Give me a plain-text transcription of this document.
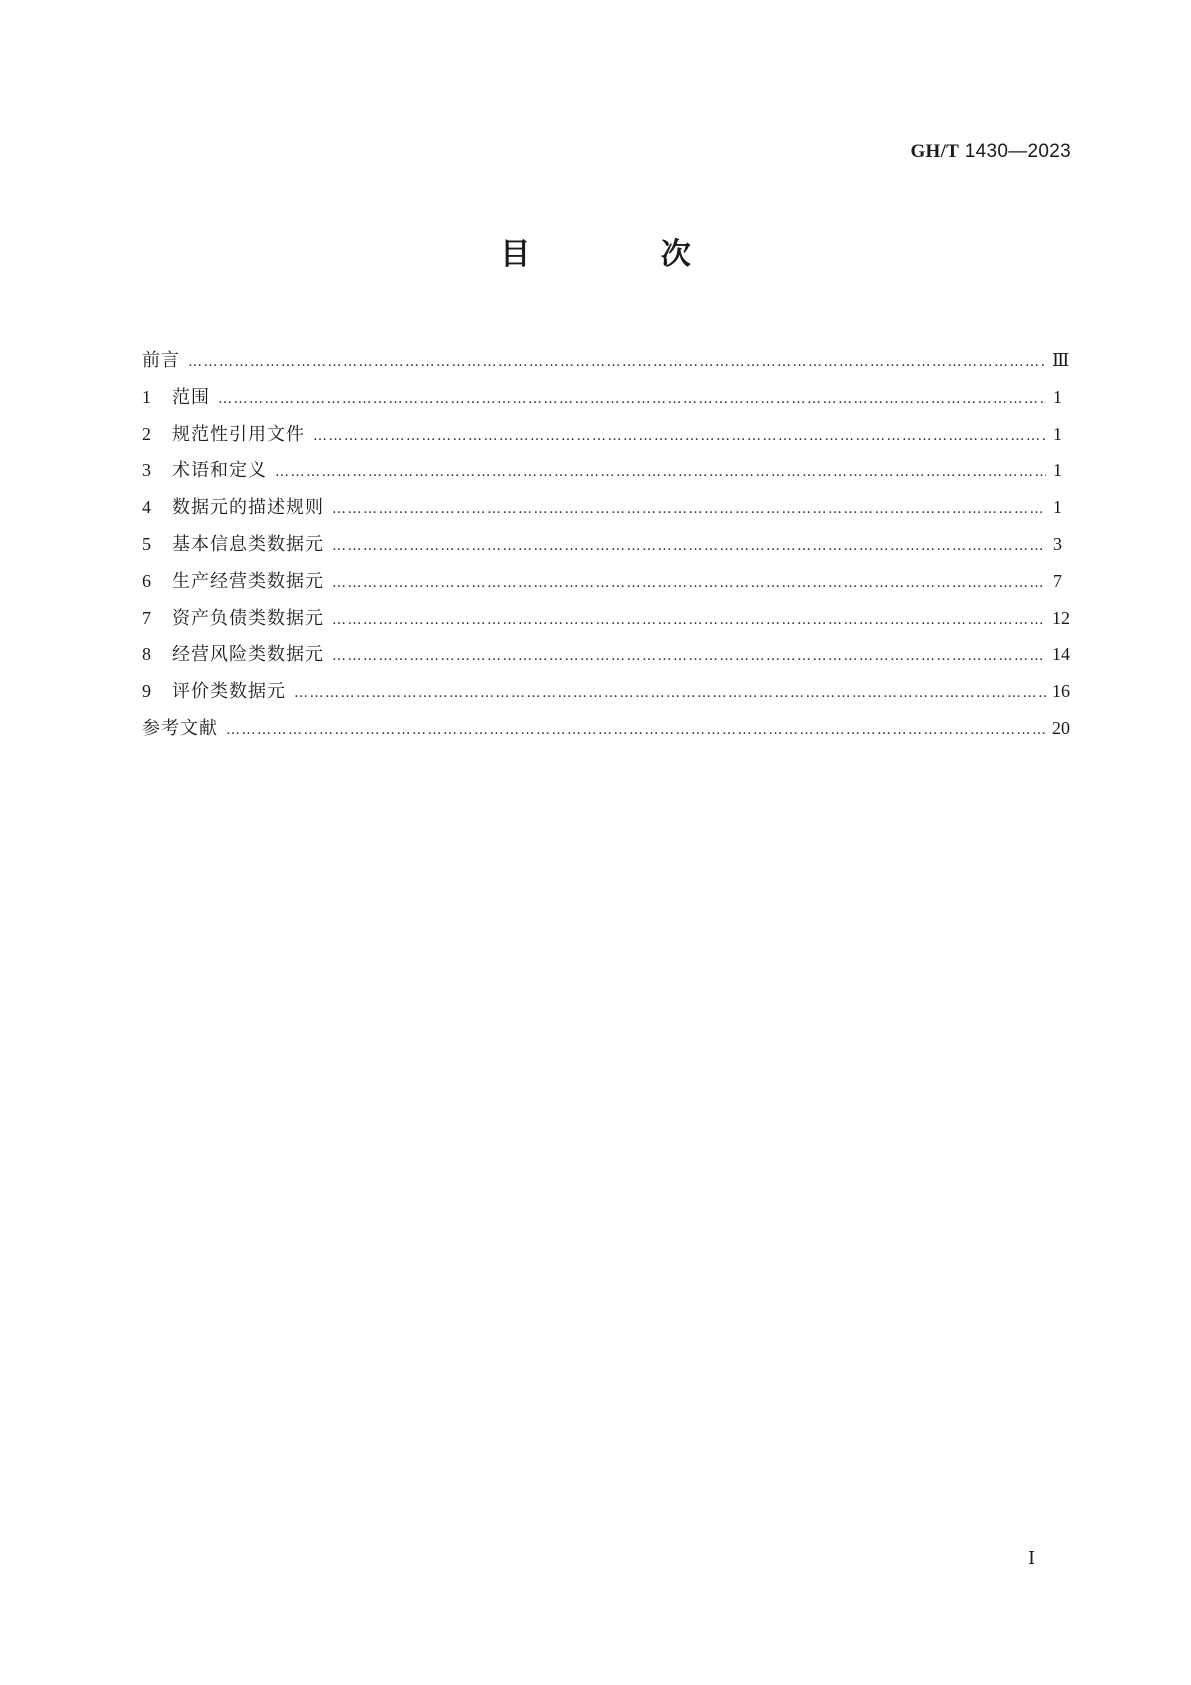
GH/T 1430—2023
目 次
前言 ………………………………………………………………………………………………………………………………………………………………………………………………………………………………………………………………	Ⅲ
1	范围 ………………………………………………………………………………………………………………………………………………………………………………………………………………………………………………………………	1
2	规范性引用文件 ………………………………………………………………………………………………………………………………………………………………………………………………………………………………………………………………	1
3	术语和定义 ………………………………………………………………………………………………………………………………………………………………………………………………………………………………………………………………	1
4	数据元的描述规则 ………………………………………………………………………………………………………………………………………………………………………………………………………………………………………………………………	1
5	基本信息类数据元 ………………………………………………………………………………………………………………………………………………………………………………………………………………………………………………………………	3
6	生产经营类数据元 ………………………………………………………………………………………………………………………………………………………………………………………………………………………………………………………………	7
7	资产负债类数据元 ………………………………………………………………………………………………………………………………………………………………………………………………………………………………………………………………	12
8	经营风险类数据元 ………………………………………………………………………………………………………………………………………………………………………………………………………………………………………………………………	14
9	评价类数据元 ………………………………………………………………………………………………………………………………………………………………………………………………………………………………………………………………	16
参考文献 ………………………………………………………………………………………………………………………………………………………………………………………………………………………………………………………………	20
Ⅰ
